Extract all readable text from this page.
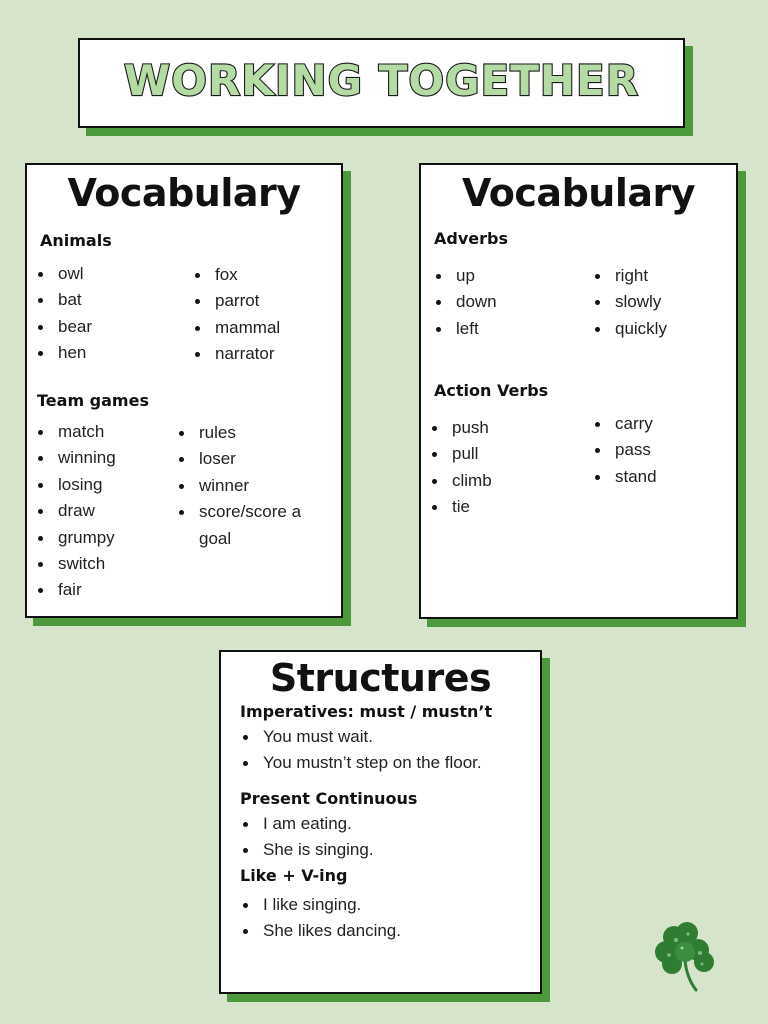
WORKING TOGETHER
Vocabulary
Animals
owl
bat
bear
hen
fox
parrot
mammal
narrator
Team games
match
winning
losing
draw
grumpy
switch
fair
rules
loser
winner
score/score a goal
Vocabulary
Adverbs
up
down
left
right
slowly
quickly
Action Verbs
push
pull
climb
tie
carry
pass
stand
Structures
Imperatives: must / mustn’t
You must wait.
You mustn’t step on the floor.
Present Continuous
I am eating.
She is singing.
Like + V-ing
I like singing.
She likes dancing.
